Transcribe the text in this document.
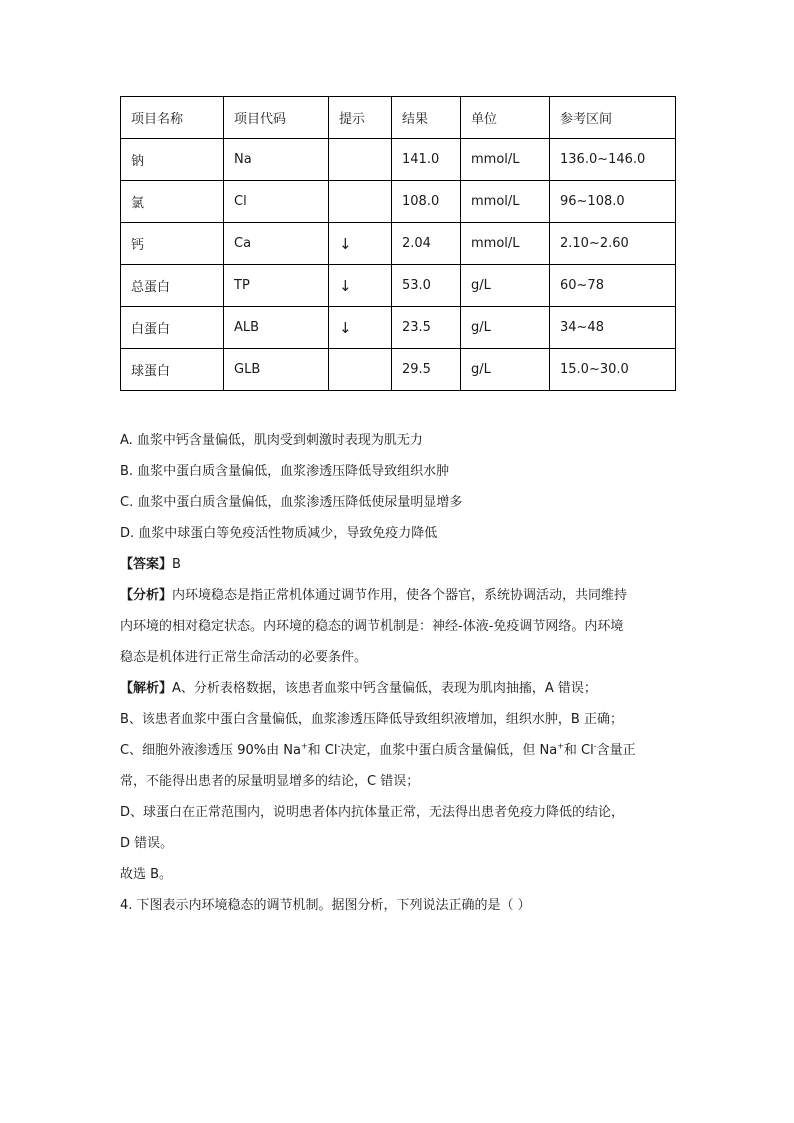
项目名称	项目代码	提示	结果	单位	参考区间
钠	Na		141.0	mmol/L	136.0~146.0
氯	Cl		108.0	mmol/L	96~108.0
钙	Ca	↓	2.04	mmol/L	2.10~2.60
总蛋白	TP	↓	53.0	g/L	60~78
白蛋白	ALB	↓	23.5	g/L	34~48
球蛋白	GLB		29.5	g/L	15.0~30.0
A. 血浆中钙含量偏低，肌肉受到刺激时表现为肌无力
B. 血浆中蛋白质含量偏低，血浆渗透压降低导致组织水肿
C. 血浆中蛋白质含量偏低，血浆渗透压降低使尿量明显增多
D. 血浆中球蛋白等免疫活性物质减少，导致免疫力降低
【答案】B
【分析】内环境稳态是指正常机体通过调节作用，使各个器官，系统协调活动，共同维持
内环境的相对稳定状态。内环境的稳态的调节机制是：神经-体液-免疫调节网络。内环境
稳态是机体进行正常生命活动的必要条件。
【解析】A、分析表格数据，该患者血浆中钙含量偏低，表现为肌肉抽搐，A 错误；
B、该患者血浆中蛋白含量偏低，血浆渗透压降低导致组织液增加，组织水肿，B 正确；
C、细胞外液渗透压 90%由 Na+和 Cl-决定，血浆中蛋白质含量偏低，但 Na+和 Cl-含量正
常，不能得出患者的尿量明显增多的结论，C 错误；
D、球蛋白在正常范围内，说明患者体内抗体量正常，无法得出患者免疫力降低的结论，
D 错误。
故选 B。
4. 下图表示内环境稳态的调节机制。据图分析，下列说法正确的是（ ）
